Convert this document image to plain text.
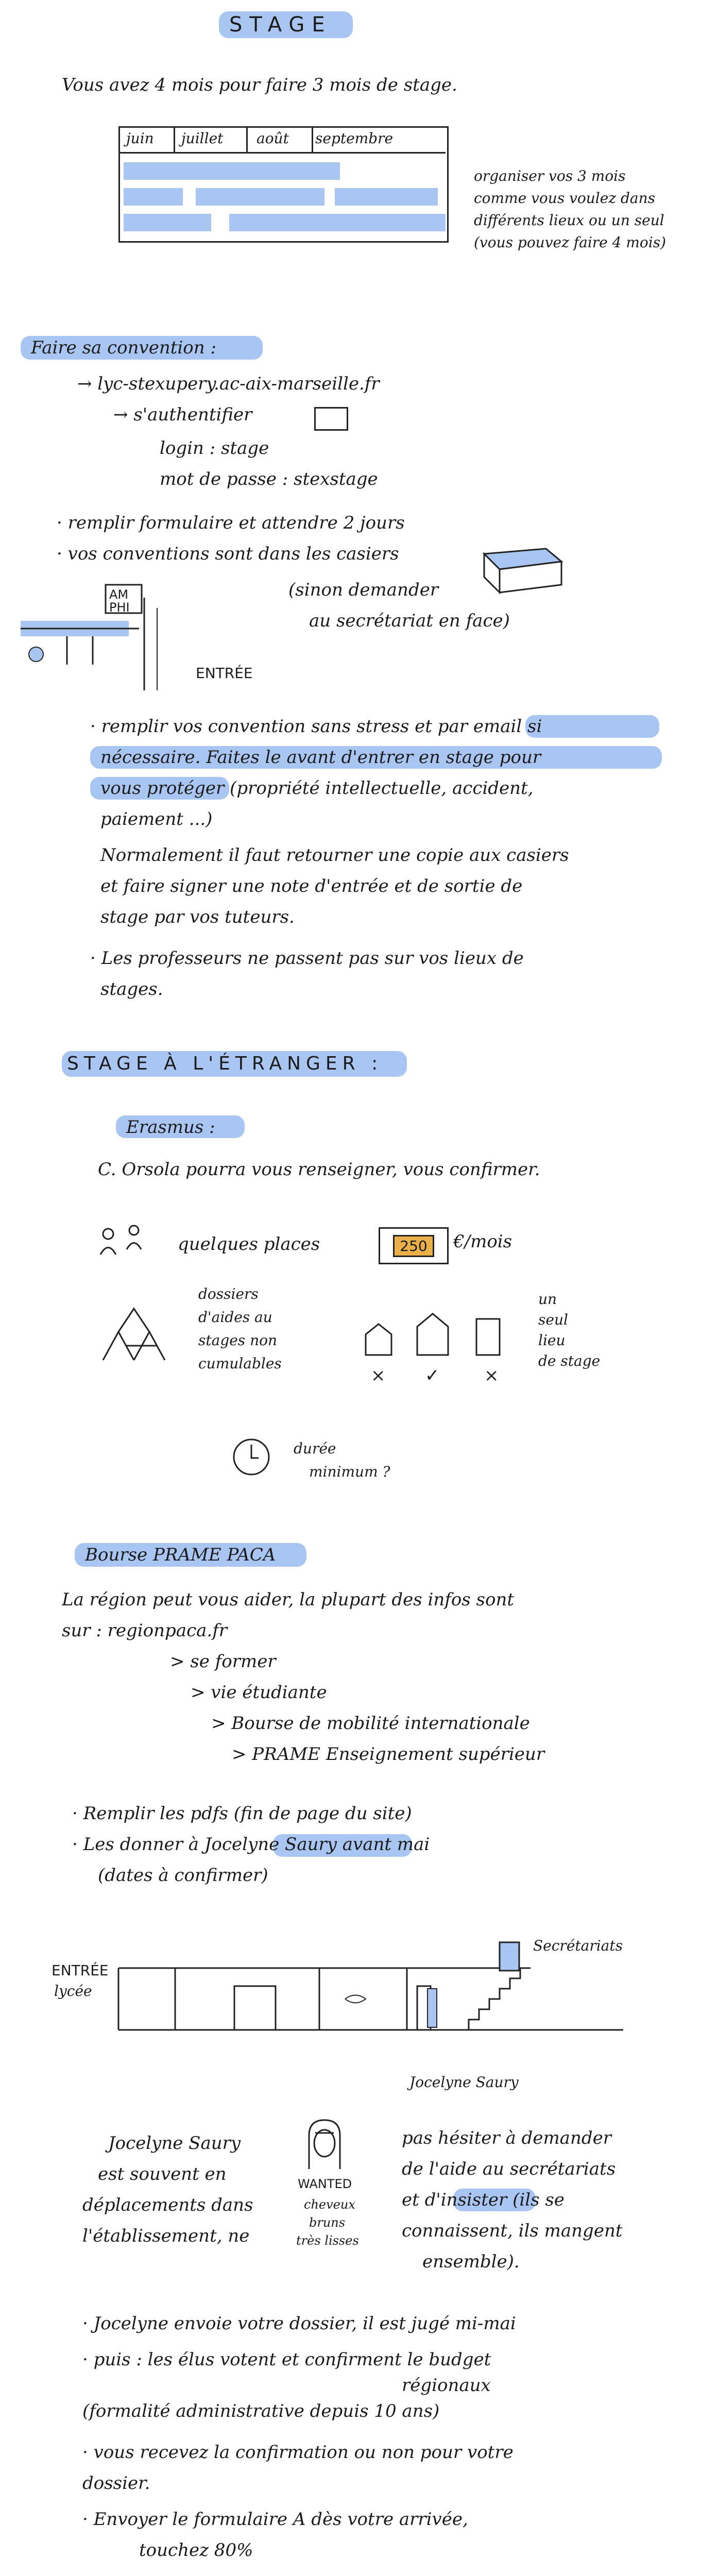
STAGE
Vous avez 4 mois pour faire 3 mois de stage.
juin juillet août septembre
organiser vos 3 mois
comme vous voulez dans
différents lieux ou un seul
(vous pouvez faire 4 mois)
Faire sa convention :
→ lyc-stexupery.ac-aix-marseille.fr
→ s'authentifier
login : stage
mot de passe : stexstage
· remplir formulaire et attendre 2 jours
· vos conventions sont dans les casiers
(sinon demander
au secrétariat en face)
AM PHI
ENTRÉE
· remplir vos convention sans stress et par email si
nécessaire. Faites le avant d'entrer en stage pour
vous protéger (propriété intellectuelle, accident,
paiement ...)
Normalement il faut retourner une copie aux casiers
et faire signer une note d'entrée et de sortie de
stage par vos tuteurs.
· Les professeurs ne passent pas sur vos lieux de
stages.
STAGE À L'ÉTRANGER :
Erasmus :
C. Orsola pourra vous renseigner, vous confirmer.
quelques places	250	€/mois
dossiers
d'aides au
stages non
cumulables
× ✓	×
un
seul
lieu
de stage
durée
minimum ?
Bourse PRAME PACA
La région peut vous aider, la plupart des infos sont
sur : regionpaca.fr
> se former
> vie étudiante
> Bourse de mobilité internationale
> PRAME Enseignement supérieur
· Remplir les pdfs (fin de page du site)
· Les donner à Jocelyne Saury avant mai
(dates à confirmer)
ENTRÉE
lycée
Secrétariats
Jocelyne Saury
Jocelyne Saury
est souvent en
déplacements dans
l'établissement, ne
WANTED
cheveux
bruns
très lisses
pas hésiter à demander
de l'aide au secrétariats
et d'insister (ils se
connaissent, ils mangent
ensemble).
· Jocelyne envoie votre dossier, il est jugé mi-mai
· puis : les élus votent et confirment le budget
régionaux
(formalité administrative depuis 10 ans)
· vous recevez la confirmation ou non pour votre
dossier.
· Envoyer le formulaire A dès votre arrivée,
touchez 80%
